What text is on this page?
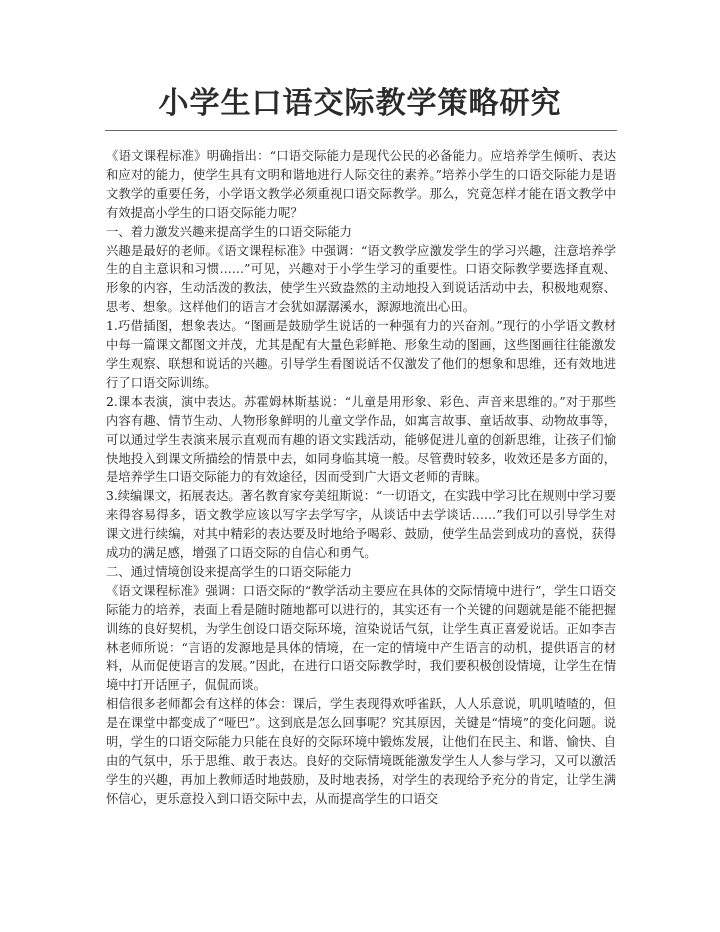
小学生口语交际教学策略研究

《语文课程标准》明确指出：“口语交际能力是现代公民的必备能力。应培养学生倾听、表达和应对的能力，使学生具有文明和谐地进行人际交往的素养。”培养小学生的口语交际能力是语文教学的重要任务，小学语文教学必须重视口语交际教学。那么，究竟怎样才能在语文教学中有效提高小学生的口语交际能力呢？

一、着力激发兴趣来提高学生的口语交际能力

兴趣是最好的老师。《语文课程标准》中强调：“语文教学应激发学生的学习兴趣，注意培养学生的自主意识和习惯……”可见，兴趣对于小学生学习的重要性。口语交际教学要选择直观、形象的内容，生动活泼的教法，使学生兴致盎然的主动地投入到说话活动中去，积极地观察、思考、想象。这样他们的语言才会犹如潺潺溪水，源源地流出心田。

1.巧借插图，想象表达。“图画是鼓励学生说话的一种强有力的兴奋剂。”现行的小学语文教材中每一篇课文都图文并茂，尤其是配有大量色彩鲜艳、形象生动的图画，这些图画往往能激发学生观察、联想和说话的兴趣。引导学生看图说话不仅激发了他们的想象和思维，还有效地进行了口语交际训练。

2.课本表演，演中表达。苏霍姆林斯基说：“儿童是用形象、彩色、声音来思维的。”对于那些内容有趣、情节生动、人物形象鲜明的儿童文学作品，如寓言故事、童话故事、动物故事等，可以通过学生表演来展示直观而有趣的语文实践活动，能够促进儿童的创新思维，让孩子们愉快地投入到课文所描绘的情景中去，如同身临其境一般。尽管费时较多，收效还是多方面的，是培养学生口语交际能力的有效途径，因而受到广大语文老师的青睐。

3.续编课文，拓展表达。著名教育家夸美纽斯说：“一切语文，在实践中学习比在规则中学习要来得容易得多，语文教学应该以写字去学写字，从谈话中去学谈话……”我们可以引导学生对课文进行续编，对其中精彩的表达要及时地给予喝彩、鼓励，使学生品尝到成功的喜悦，获得成功的满足感，增强了口语交际的自信心和勇气。

二、通过情境创设来提高学生的口语交际能力

《语文课程标准》强调：口语交际的“教学活动主要应在具体的交际情境中进行”，学生口语交际能力的培养，表面上看是随时随地都可以进行的，其实还有一个关键的问题就是能不能把握训练的良好契机，为学生创设口语交际环境，渲染说话气氛，让学生真正喜爱说话。正如李吉林老师所说：“言语的发源地是具体的情境，在一定的情境中产生语言的动机，提供语言的材料，从而促使语言的发展。”因此，在进行口语交际教学时，我们要积极创设情境，让学生在情境中打开话匣子，侃侃而谈。

相信很多老师都会有这样的体会：课后，学生表现得欢呼雀跃，人人乐意说，叽叽喳喳的，但是在课堂中都变成了“哑巴”。这到底是怎么回事呢？究其原因，关键是“情境”的变化问题。说明，学生的口语交际能力只能在良好的交际环境中锻炼发展，让他们在民主、和谐、愉快、自由的气氛中，乐于思维、敢于表达。良好的交际情境既能激发学生人人参与学习，又可以激活学生的兴趣，再加上教师适时地鼓励，及时地表扬，对学生的表现给予充分的肯定，让学生满怀信心，更乐意投入到口语交际中去，从而提高学生的口语交
